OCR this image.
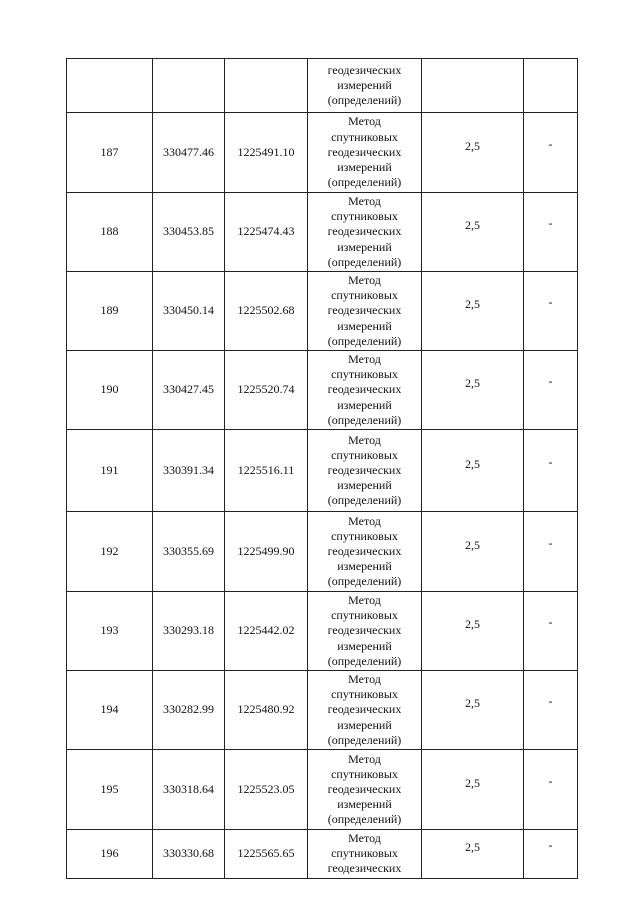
			геодезических
измерений
(определений)		

187	330477.46	1225491.10	Метод
спутниковых
геодезических
измерений
(определений)	2,5	-
188	330453.85	1225474.43	Метод
спутниковых
геодезических
измерений
(определений)	2,5	-
189	330450.14	1225502.68	Метод
спутниковых
геодезических
измерений
(определений)	2,5	-
190	330427.45	1225520.74	Метод
спутниковых
геодезических
измерений
(определений)	2,5	-
191	330391.34	1225516.11	Метод
спутниковых
геодезических
измерений
(определений)	2,5	-
192	330355.69	1225499.90	Метод
спутниковых
геодезических
измерений
(определений)	2,5	-
193	330293.18	1225442.02	Метод
спутниковых
геодезических
измерений
(определений)	2,5	-
194	330282.99	1225480.92	Метод
спутниковых
геодезических
измерений
(определений)	2,5	-
195	330318.64	1225523.05	Метод
спутниковых
геодезических
измерений
(определений)	2,5	-
196	330330.68	1225565.65	Метод
спутниковых
геодезических	2,5	-
